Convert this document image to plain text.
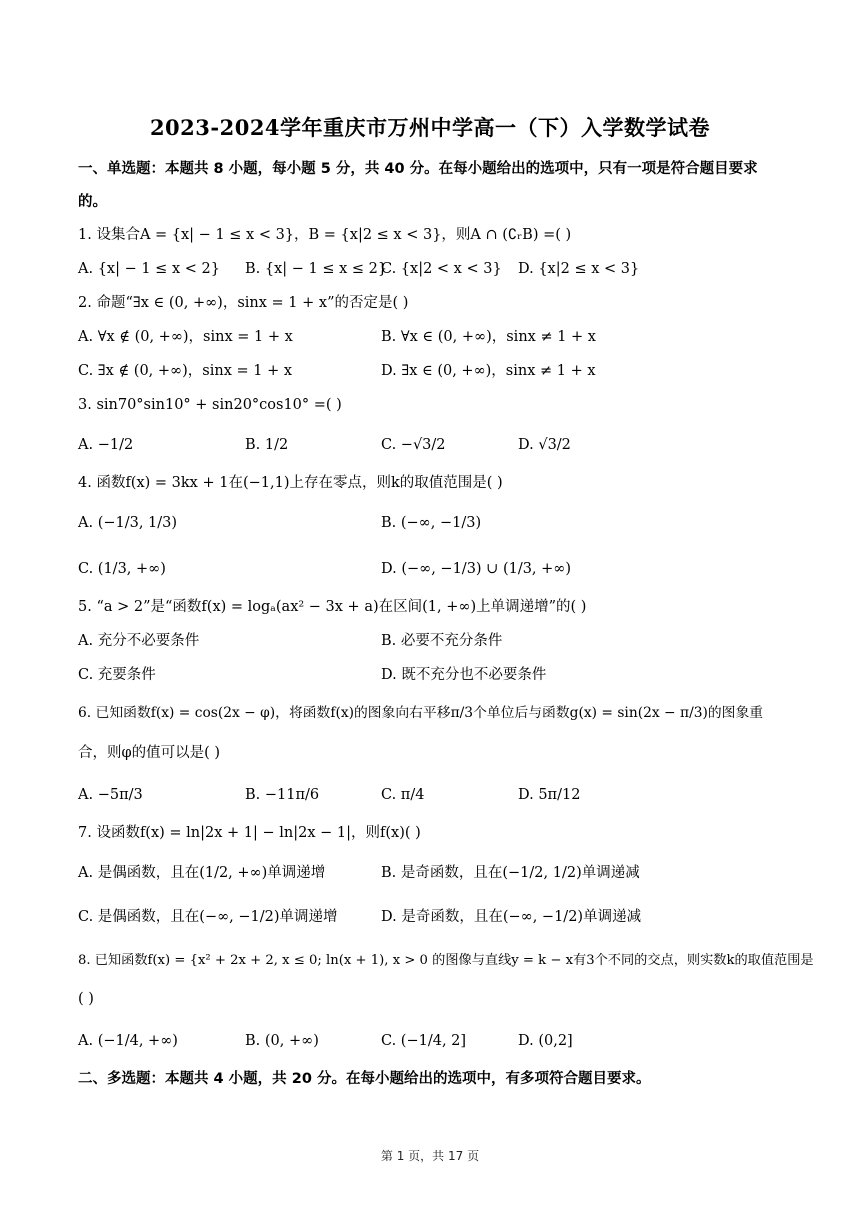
2023-2024学年重庆市万州中学高一（下）入学数学试卷
一、单选题：本题共 8 小题，每小题 5 分，共 40 分。在每小题给出的选项中，只有一项是符合题目要求
的。
1. 设集合A = {x| − 1 ≤ x < 3}，B = {x|2 ≤ x < 3}，则A ∩ (∁ᵣB) =( )
A. {x| − 1 ≤ x < 2} B. {x| − 1 ≤ x ≤ 2}
C. {x|2 < x < 3} D. {x|2 ≤ x < 3}
2. 命题“∃x ∈ (0, +∞)，sinx = 1 + x”的否定是( )
A. ∀x ∉ (0, +∞)，sinx = 1 + x	B. ∀x ∈ (0, +∞)，sinx ≠ 1 + x
C. ∃x ∉ (0, +∞)，sinx = 1 + x	D. ∃x ∈ (0, +∞)，sinx ≠ 1 + x
3. sin70°sin10° + sin20°cos10° =( )
A. −1/2	B. 1/2	C. −√3/2	D. √3/2
4. 函数f(x) = 3kx + 1在(−1,1)上存在零点，则k的取值范围是( )
A. (−1/3, 1/3)	B. (−∞, −1/3)
C. (1/3, +∞)	D. (−∞, −1/3) ∪ (1/3, +∞)
5. “a > 2”是“函数f(x) = logₐ(ax² − 3x + a)在区间(1, +∞)上单调递增”的( )
A. 充分不必要条件	B. 必要不充分条件
C. 充要条件	D. 既不充分也不必要条件
6. 已知函数f(x) = cos(2x − φ)，将函数f(x)的图象向右平移π/3个单位后与函数g(x) = sin(2x − π/3)的图象重
合，则φ的值可以是( )
A. −5π/3	B. −11π/6	C. π/4	D. 5π/12
7. 设函数f(x) = ln|2x + 1| − ln|2x − 1|，则f(x)( )
A. 是偶函数，且在(1/2, +∞)单调递增	B. 是奇函数，且在(−1/2, 1/2)单调递减
C. 是偶函数，且在(−∞, −1/2)单调递增	D. 是奇函数，且在(−∞, −1/2)单调递减
8. 已知函数f(x) = {x² + 2x + 2, x ≤ 0; ln(x + 1), x > 0 的图像与直线y = k − x有3个不同的交点，则实数k的取值范围是
( )
A. (−1/4, +∞)	B. (0, +∞)	C. (−1/4, 2]	D. (0,2]
二、多选题：本题共 4 小题，共 20 分。在每小题给出的选项中，有多项符合题目要求。
第 1 页，共 17 页
